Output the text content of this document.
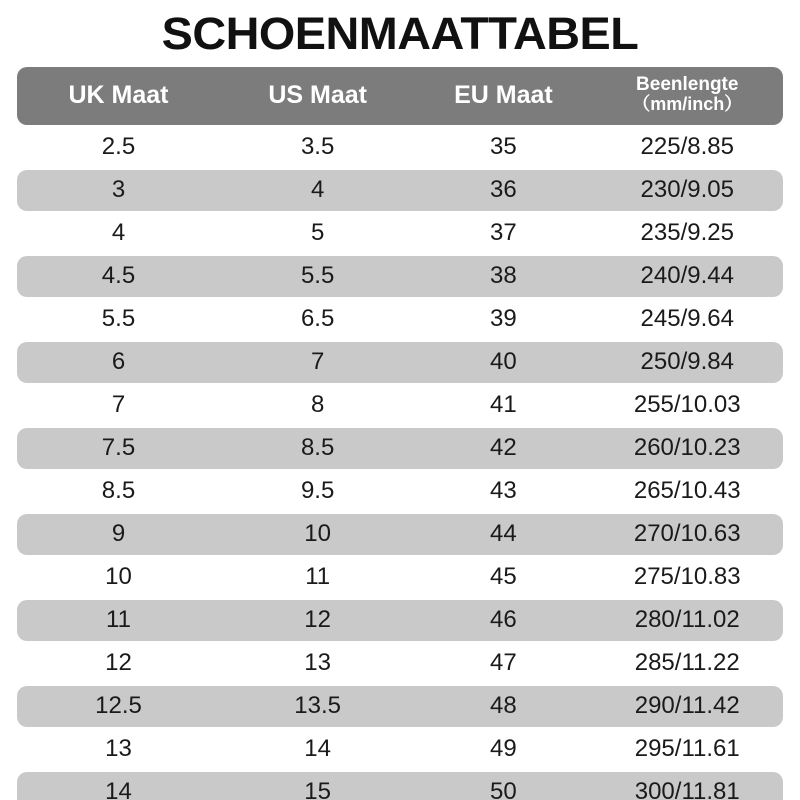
SCHOENMAATTABEL
UK Maat	US Maat	EU Maat	Beenlengte
（mm/inch）

2.5	3.5	35	225/8.85
3	4	36	230/9.05
4	5	37	235/9.25
4.5	5.5	38	240/9.44
5.5	6.5	39	245/9.64
6	7	40	250/9.84
7	8	41	255/10.03
7.5	8.5	42	260/10.23
8.5	9.5	43	265/10.43
9	10	44	270/10.63
10	11	45	275/10.83
11	12	46	280/11.02
12	13	47	285/11.22
12.5	13.5	48	290/11.42
13	14	49	295/11.61
14	15	50	300/11.81
